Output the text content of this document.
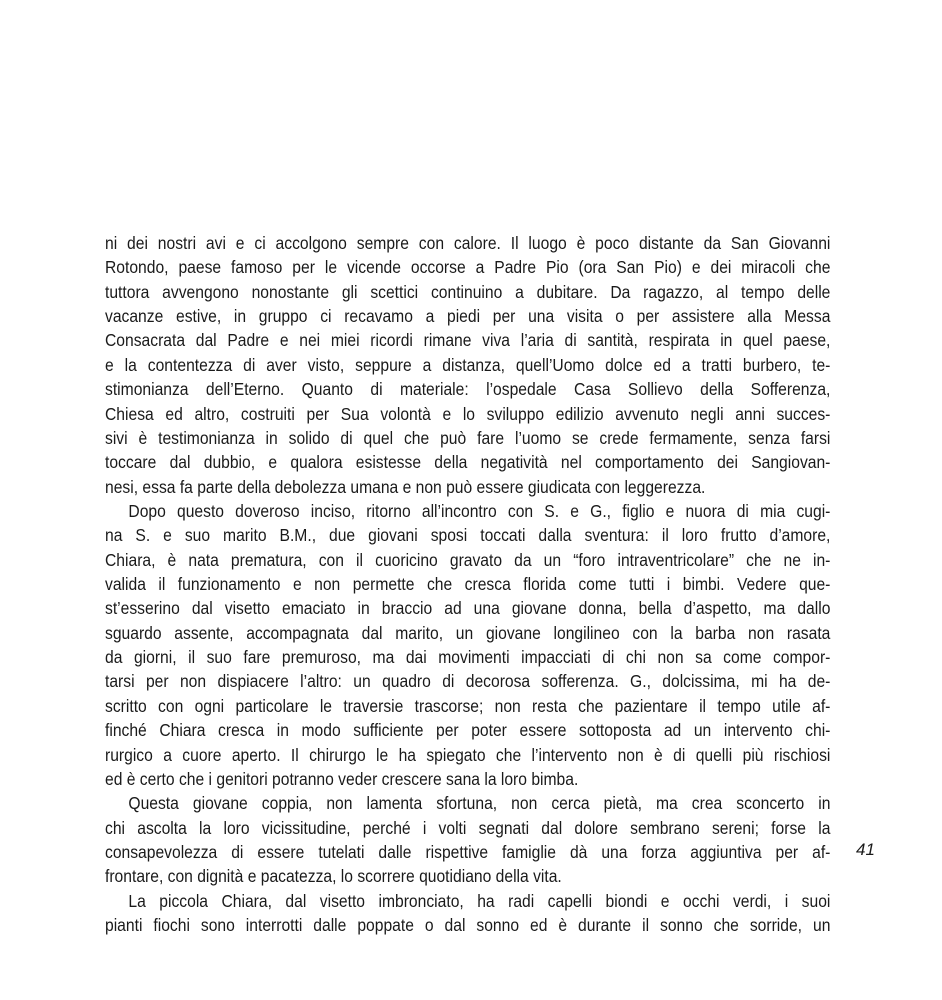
ni dei nostri avi e ci accolgono sempre con calore. Il luogo è poco distante da San Giovanni
Rotondo, paese famoso per le vicende occorse a Padre Pio (ora San Pio) e dei miracoli che
tuttora avvengono nonostante gli scettici continuino a dubitare. Da ragazzo, al tempo delle
vacanze estive, in gruppo ci recavamo a piedi per una visita o per assistere alla Messa
Consacrata dal Padre e nei miei ricordi rimane viva l’aria di santità, respirata in quel paese,
e la contentezza di aver visto, seppure a distanza, quell’Uomo dolce ed a tratti burbero, te-
stimonianza dell’Eterno. Quanto di materiale: l’ospedale Casa Sollievo della Sofferenza,
Chiesa ed altro, costruiti per Sua volontà e lo sviluppo edilizio avvenuto negli anni succes-
sivi è testimonianza in solido di quel che può fare l’uomo se crede fermamente, senza farsi
toccare dal dubbio, e qualora esistesse della negatività nel comportamento dei Sangiovan-
nesi, essa fa parte della debolezza umana e non può essere giudicata con leggerezza.
Dopo questo doveroso inciso, ritorno all’incontro con S. e G., figlio e nuora di mia cugi-
na S. e suo marito B.M., due giovani sposi toccati dalla sventura: il loro frutto d’amore,
Chiara, è nata prematura, con il cuoricino gravato da un “foro intraventricolare” che ne in-
valida il funzionamento e non permette che cresca florida come tutti i bimbi. Vedere que-
st’esserino dal visetto emaciato in braccio ad una giovane donna, bella d’aspetto, ma dallo
sguardo assente, accompagnata dal marito, un giovane longilineo con la barba non rasata
da giorni, il suo fare premuroso, ma dai movimenti impacciati di chi non sa come compor-
tarsi per non dispiacere l’altro: un quadro di decorosa sofferenza. G., dolcissima, mi ha de-
scritto con ogni particolare le traversie trascorse; non resta che pazientare il tempo utile af-
finché Chiara cresca in modo sufficiente per poter essere sottoposta ad un intervento chi-
rurgico a cuore aperto. Il chirurgo le ha spiegato che l’intervento non è di quelli più rischiosi
ed è certo che i genitori potranno veder crescere sana la loro bimba.
Questa giovane coppia, non lamenta sfortuna, non cerca pietà, ma crea sconcerto in
chi ascolta la loro vicissitudine, perché i volti segnati dal dolore sembrano sereni; forse la
consapevolezza di essere tutelati dalle rispettive famiglie dà una forza aggiuntiva per af-
frontare, con dignità e pacatezza, lo scorrere quotidiano della vita.
La piccola Chiara, dal visetto imbronciato, ha radi capelli biondi e occhi verdi, i suoi
pianti fiochi sono interrotti dalle poppate o dal sonno ed è durante il sonno che sorride, un
41
